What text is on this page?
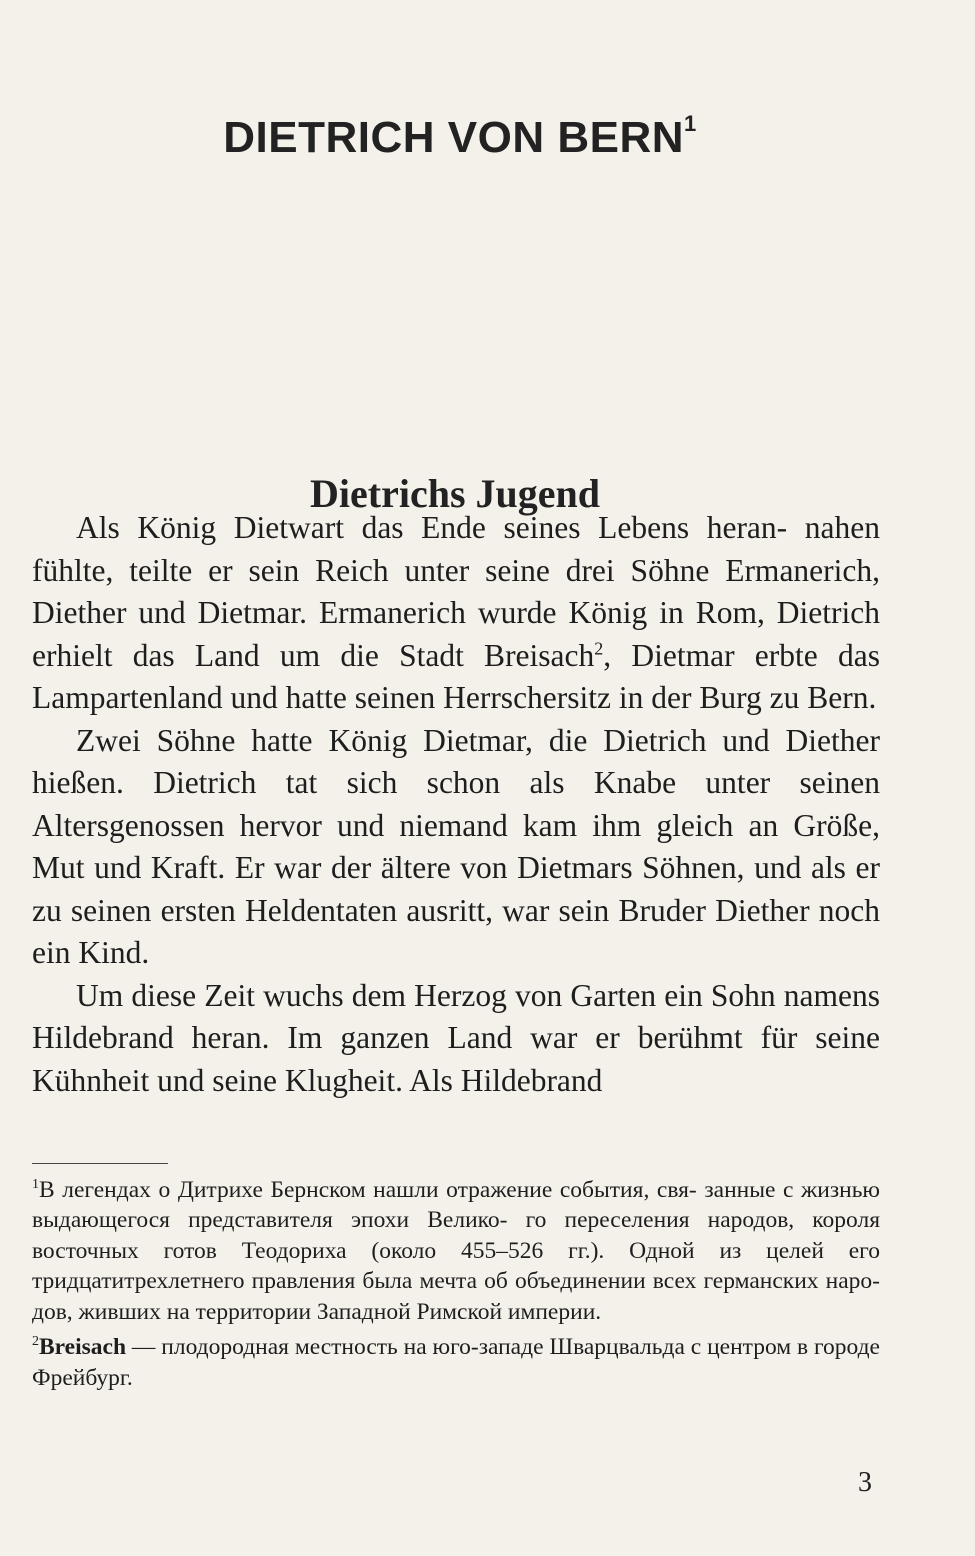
DIETRICH VON BERN$^1$
Dietrichs Jugend

Als König Dietwart das Ende seines Lebens heran- nahen fühlte, teilte er sein Reich unter seine drei Söhne Ermanerich, Diether und Dietmar. Ermanerich wurde König in Rom, Dietrich erhielt das Land um die Stadt Breisach$^2$, Dietmar erbte das Lampartenland und hatte seinen Herrschersitz in der Burg zu Bern.

Zwei Söhne hatte König Dietmar, die Dietrich und Diether hießen. Dietrich tat sich schon als Knabe unter seinen Altersgenossen hervor und niemand kam ihm gleich an Größe, Mut und Kraft. Er war der ältere von Dietmars Söhnen, und als er zu seinen ersten Heldentaten ausritt, war sein Bruder Diether noch ein Kind.

Um diese Zeit wuchs dem Herzog von Garten ein Sohn namens Hildebrand heran. Im ganzen Land war er berühmt für seine Kühnheit und seine Klugheit. Als Hildebrand

$^1$В легендах о Дитрихе Бернском нашли отражение события, свя- занные с жизнью выдающегося представителя эпохи Велико- го переселения народов, короля восточных готов Теодориха (около 455–526 гг.). Одной из целей его тридцатитрехлетнего правления была мечта об объединении всех германских наро- дов, живших на территории Западной Римской империи.

$^2$Breisach — плодородная местность на юго-западе Шварцвальда с центром в городе Фрейбург.

3
